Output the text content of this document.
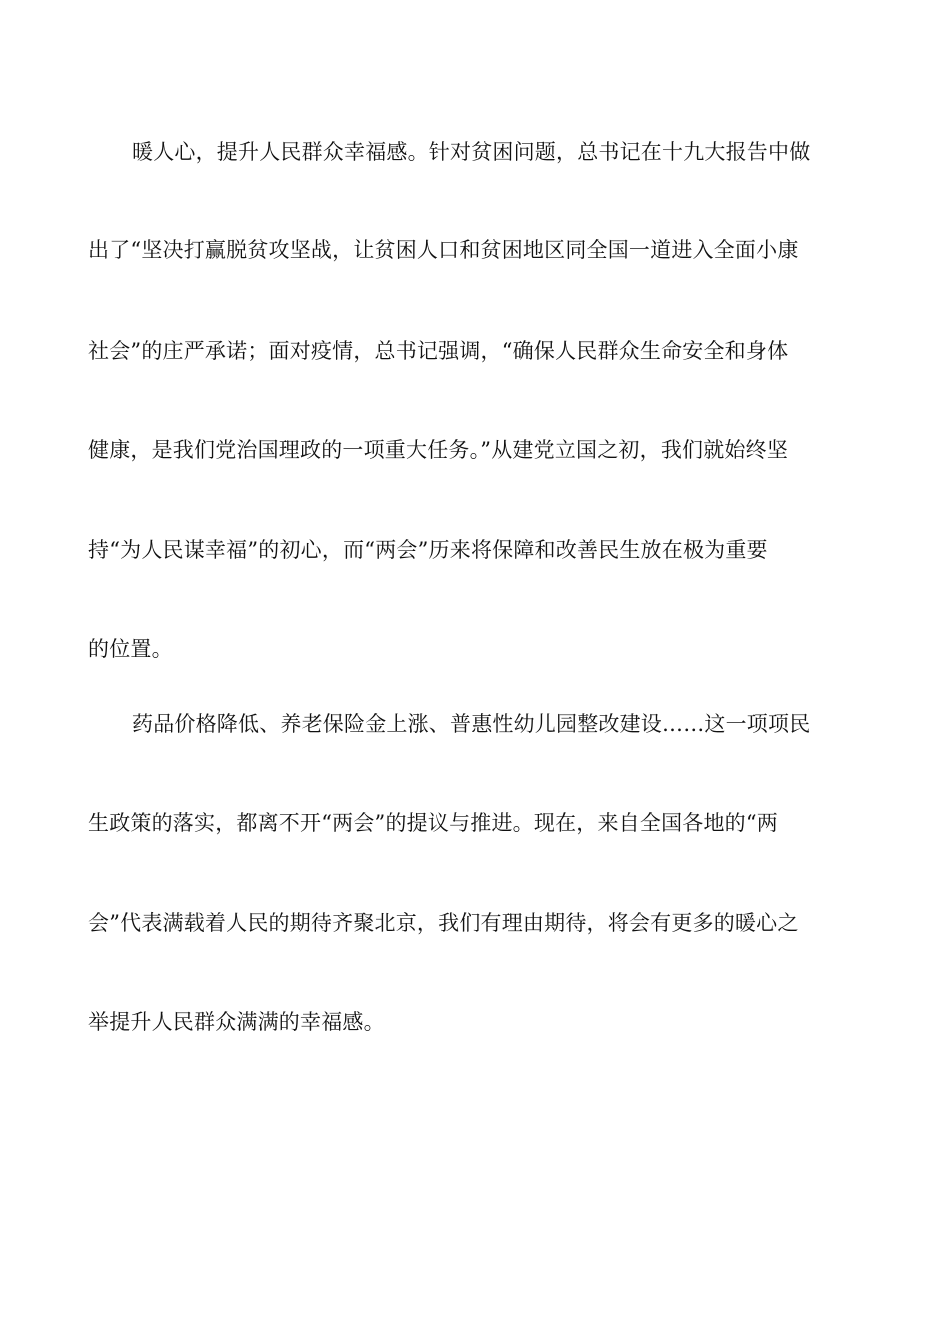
暖人心，提升人民群众幸福感。针对贫困问题，总书记在十九大报告中做
出了“坚决打赢脱贫攻坚战，让贫困人口和贫困地区同全国一道进入全面小康
社会”的庄严承诺；面对疫情，总书记强调，“确保人民群众生命安全和身体
健康，是我们党治国理政的一项重大任务。”从建党立国之初，我们就始终坚
持“为人民谋幸福”的初心，而“两会”历来将保障和改善民生放在极为重要
的位置。
药品价格降低、养老保险金上涨、普惠性幼儿园整改建设……这一项项民
生政策的落实，都离不开“两会”的提议与推进。现在，来自全国各地的“两
会”代表满载着人民的期待齐聚北京，我们有理由期待，将会有更多的暖心之
举提升人民群众满满的幸福感。
